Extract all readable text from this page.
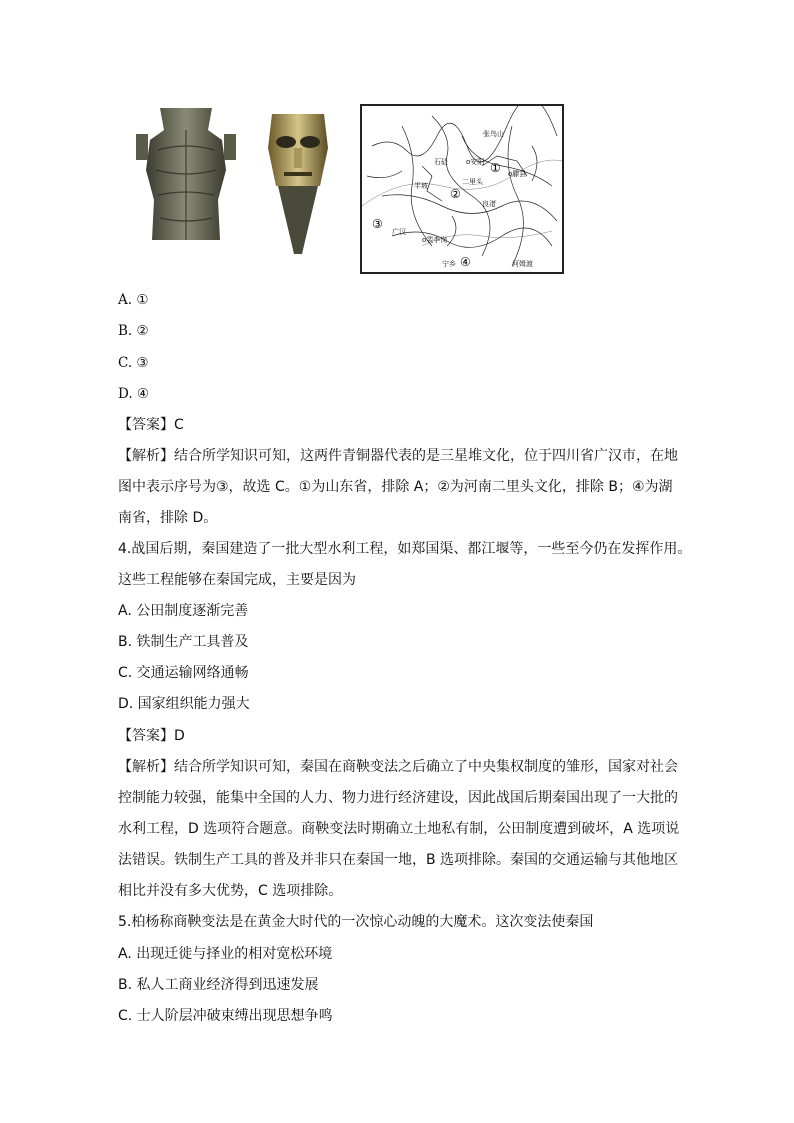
张鸟山
石砭	o安阳
半坡	二里头
o滕县
良渚
广汉
o裴李岗
宁乡	河姆渡
①
②
③
④
A. ①
B. ②
C. ③
D. ④
【答案】C
【解析】结合所学知识可知，这两件青铜器代表的是三星堆文化，位于四川省广汉市，在地
图中表示序号为③，故选 C。①为山东省，排除 A；②为河南二里头文化，排除 B；④为湖
南省，排除 D。
4.战国后期，秦国建造了一批大型水利工程，如郑国渠、都江堰等，一些至今仍在发挥作用。
这些工程能够在秦国完成，主要是因为
A. 公田制度逐渐完善
B. 铁制生产工具普及
C. 交通运输网络通畅
D. 国家组织能力强大
【答案】D
【解析】结合所学知识可知，秦国在商鞅变法之后确立了中央集权制度的雏形，国家对社会
控制能力较强，能集中全国的人力、物力进行经济建设，因此战国后期秦国出现了一大批的
水利工程，D 选项符合题意。商鞅变法时期确立土地私有制，公田制度遭到破坏，A 选项说
法错误。铁制生产工具的普及并非只在秦国一地，B 选项排除。秦国的交通运输与其他地区
相比并没有多大优势，C 选项排除。
5.柏杨称商鞅变法是在黄金大时代的一次惊心动魄的大魔术。这次变法使秦国
A. 出现迁徙与择业的相对宽松环境
B. 私人工商业经济得到迅速发展
C. 士人阶层冲破束缚出现思想争鸣
